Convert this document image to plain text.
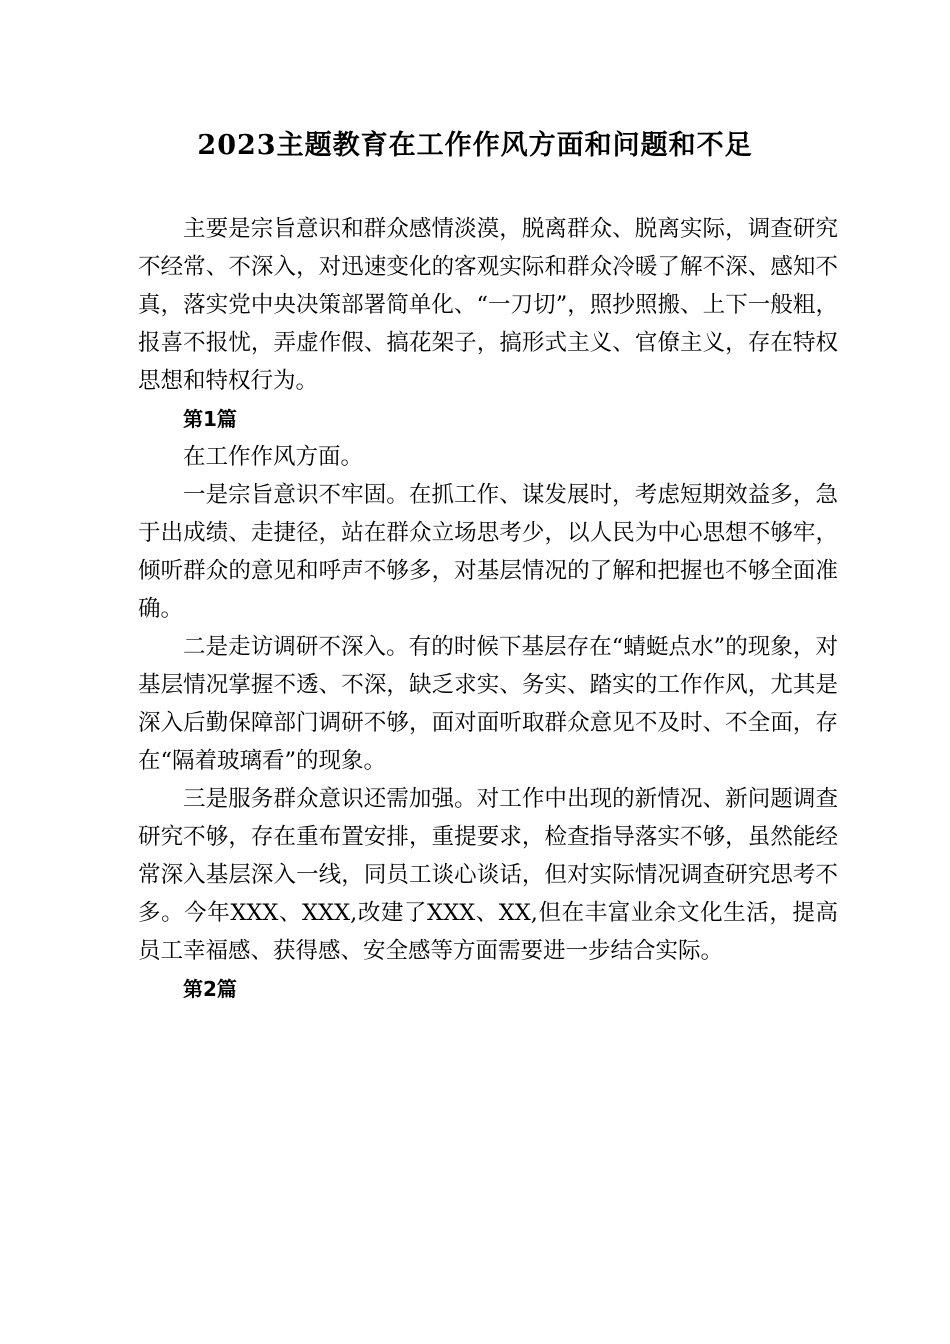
2023主题教育在工作作风方面和问题和不足

主要是宗旨意识和群众感情淡漠，脱离群众、脱离实际，调查研究不经常、不深入，对迅速变化的客观实际和群众冷暖了解不深、感知不真，落实党中央决策部署简单化、“一刀切”，照抄照搬、上下一般粗，报喜不报忧，弄虚作假、搞花架子，搞形式主义、官僚主义，存在特权思想和特权行为。

第1篇

在工作作风方面。

一是宗旨意识不牢固。在抓工作、谋发展时，考虑短期效益多，急于出成绩、走捷径，站在群众立场思考少，以人民为中心思想不够牢，倾听群众的意见和呼声不够多，对基层情况的了解和把握也不够全面准确。

二是走访调研不深入。有的时候下基层存在“蜻蜓点水”的现象，对基层情况掌握不透、不深，缺乏求实、务实、踏实的工作作风，尤其是深入后勤保障部门调研不够，面对面听取群众意见不及时、不全面，存在“隔着玻璃看”的现象。

三是服务群众意识还需加强。对工作中出现的新情况、新问题调查研究不够，存在重布置安排，重提要求，检查指导落实不够，虽然能经常深入基层深入一线，同员工谈心谈话，但对实际情况调查研究思考不多。今年XXX、XXX,改建了XXX、XX,但在丰富业余文化生活，提高员工幸福感、获得感、安全感等方面需要进一步结合实际。

第2篇
